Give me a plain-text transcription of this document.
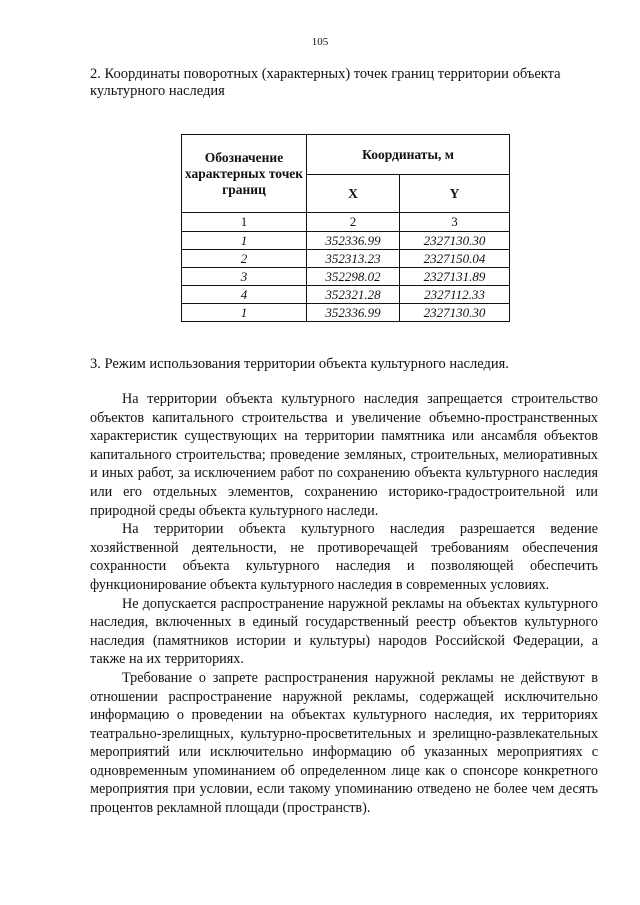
105
2. Координаты поворотных (характерных) точек границ территории объекта культурного наследия
Обозначение характерных точек границ	Координаты, м	
	X	Y
1	2	3
1	352336.99	2327130.30
2	352313.23	2327150.04
3	352298.02	2327131.89
4	352321.28	2327112.33
1	352336.99	2327130.30
3. Режим использования территории объекта культурного наследия.

На территории объекта культурного наследия запрещается строительство объектов капитального строительства и увеличение объемно-пространственных характеристик существующих на территории памятника или ансамбля объектов капитального строительства; проведение земляных, строительных, мелиоративных и иных работ, за исключением работ по сохранению объекта культурного наследия или его отдельных элементов, сохранению историко-градостроительной или природной среды объекта культурного наследи.

На территории объекта культурного наследия разрешается ведение хозяйственной деятельности, не противоречащей требованиям обеспечения сохранности объекта культурного наследия и позволяющей обеспечить функционирование объекта культурного наследия в современных условиях.

Не допускается распространение наружной рекламы на объектах культурного наследия, включенных в единый государственный реестр объектов культурного наследия (памятников истории и культуры) народов Российской Федерации, а также на их территориях.

Требование о запрете распространения наружной рекламы не действуют в отношении распространение наружной рекламы, содержащей исключительно информацию о проведении на объектах культурного наследия, их территориях театрально-зрелищных, культурно-просветительных и зрелищно-развлекательных мероприятий или исключительно информацию об указанных мероприятиях с одновременным упоминанием об определенном лице как о спонсоре конкретного мероприятия при условии, если такому упоминанию отведено не более чем десять процентов рекламной площади (пространств).
